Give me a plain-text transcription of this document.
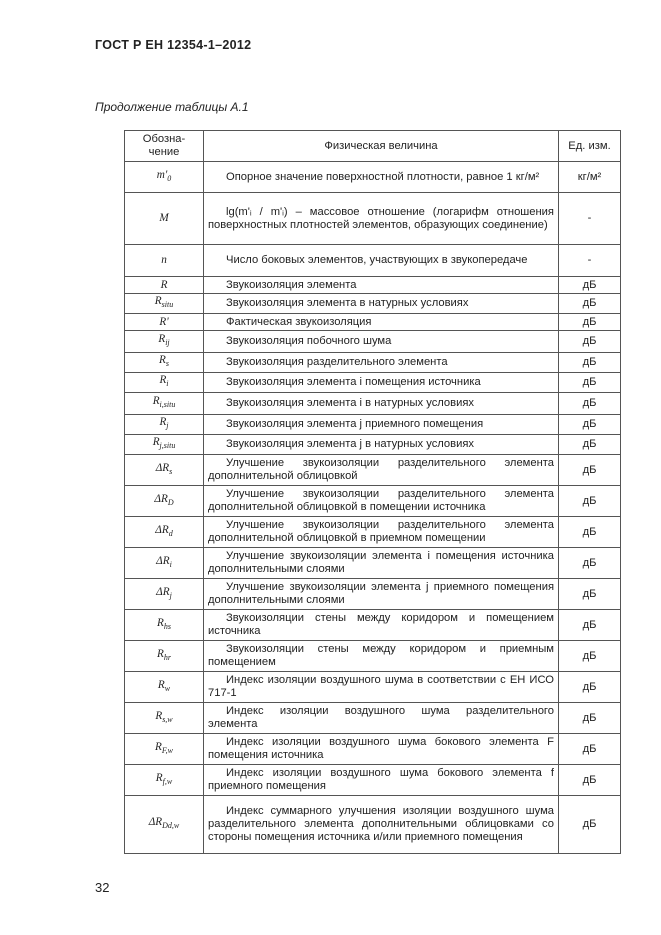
ГОСТ Р ЕН 12354-1–2012
Продолжение таблицы А.1
Обозна-чение	Физическая величина	Ед. изм.
$m'_0$	Опорное значение поверхностной плотности, равное 1 кг/м²	кг/м²
M	lg(m'ᵢ / m'ᵢ) – массовое отношение (логарифм отношения поверхностных плотностей элементов, образующих соединение)	-
n	Число боковых элементов, участвующих в звукопередаче	-
R	Звукоизоляция элемента	дБ
$R_{situ}$	Звукоизоляция элемента в натурных условиях	дБ
R'	Фактическая звукоизоляция	дБ
$R_{ij}$	Звукоизоляция побочного шума	дБ
$R_s$	Звукоизоляция разделительного элемента	дБ
$R_i$	Звукоизоляция элемента i помещения источника	дБ
$R_{i,situ}$	Звукоизоляция элемента i в натурных условиях	дБ
$R_j$	Звукоизоляция элемента j приемного помещения	дБ
$R_{j,situ}$	Звукоизоляция элемента j в натурных условиях	дБ
$\Delta R_s$	Улучшение звукоизоляции разделительного элемента дополнительной облицовкой	дБ
$\Delta R_D$	Улучшение звукоизоляции разделительного элемента дополнительной облицовкой в помещении источника	дБ
$\Delta R_d$	Улучшение звукоизоляции разделительного элемента дополнительной облицовкой в приемном помещении	дБ
$\Delta R_i$	Улучшение звукоизоляции элемента i помещения источника дополнительными слоями	дБ
$\Delta R_j$	Улучшение звукоизоляции элемента j приемного помещения дополнительными слоями	дБ
$R_{hs}$	Звукоизоляции стены между коридором и помещением источника	дБ
$R_{hr}$	Звукоизоляции стены между коридором и приемным помещением	дБ
$R_w$	Индекс изоляции воздушного шума в соответствии с ЕН ИСО 717-1	дБ
$R_{s,w}$	Индекс изоляции воздушного шума разделительного элемента	дБ
$R_{F,w}$	Индекс изоляции воздушного шума бокового элемента F помещения источника	дБ
$R_{f,w}$	Индекс изоляции воздушного шума бокового элемента f приемного помещения	дБ
$\Delta R_{Dd,w}$	Индекс суммарного улучшения изоляции воздушного шума разделительного элемента дополнительными облицовками со стороны помещения источника и/или приемного помещения	дБ
32
